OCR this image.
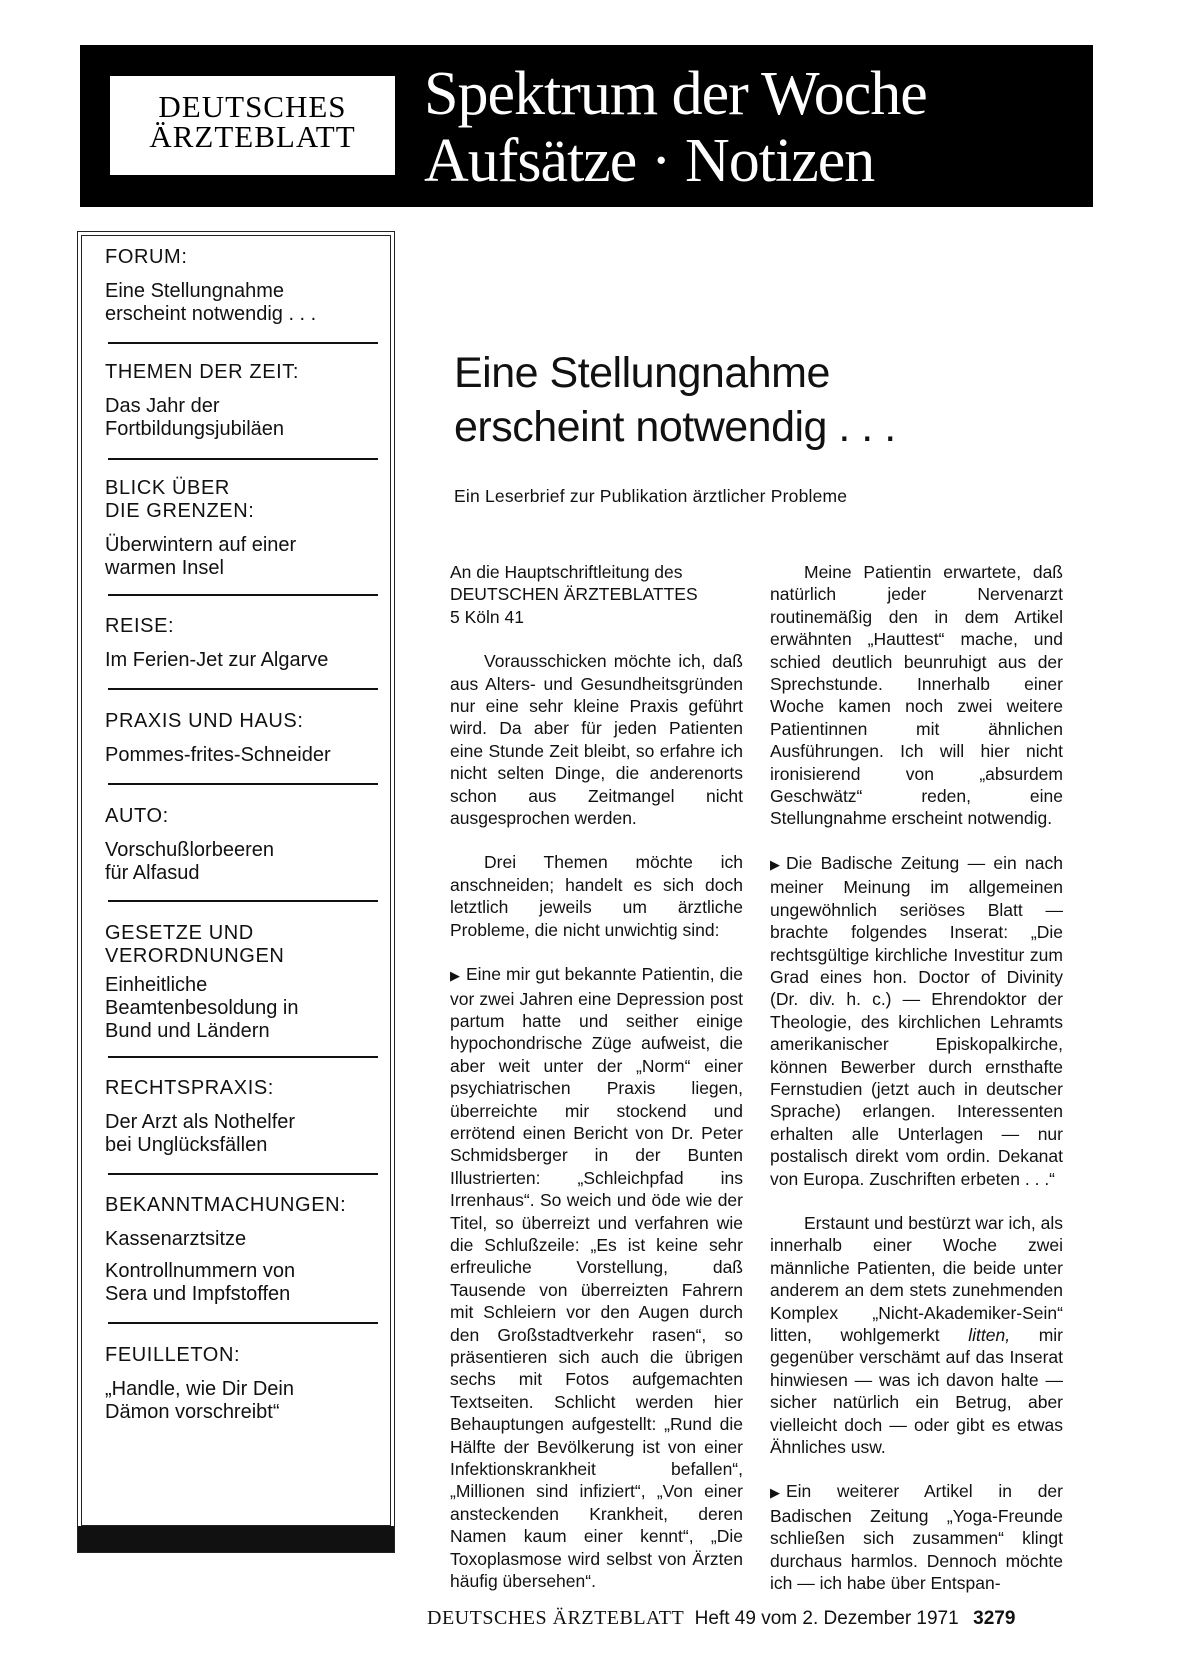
DEUTSCHES
ÄRZTEBLATT
Spektrum der Woche
Aufsätze · Notizen
FORUM:
Eine Stellungnahme erscheint notwendig . . .
THEMEN DER ZEIT:
Das Jahr der Fortbildungsjubiläen
BLICK ÜBER DIE GRENZEN:
Überwintern auf einer warmen Insel
REISE:
Im Ferien-Jet zur Algarve
PRAXIS UND HAUS:
Pommes-frites-Schneider
AUTO:
Vorschußlorbeeren für Alfasud
GESETZE UND VERORDNUNGEN
Einheitliche Beamtenbesoldung in Bund und Ländern
RECHTSPRAXIS:
Der Arzt als Nothelfer bei Unglücksfällen
BEKANNTMACHUNGEN:
Kassenarztsitze
Kontrollnummern von Sera und Impfstoffen
FEUILLETON:
„Handle, wie Dir Dein Dämon vorschreibt“
Eine Stellungnahme
erscheint notwendig . . .
Ein Leserbrief zur Publikation ärztlicher Probleme
An die Hauptschriftleitung des
DEUTSCHEN ÄRZTEBLATTES
5 Köln 41

Vorausschicken möchte ich, daß aus Alters- und Gesundheitsgründen nur eine sehr kleine Praxis geführt wird. Da aber für jeden Patienten eine Stunde Zeit bleibt, so erfahre ich nicht selten Dinge, die anderenorts schon aus Zeitmangel nicht ausgesprochen werden.

Drei Themen möchte ich anschneiden; handelt es sich doch letztlich jeweils um ärztliche Probleme, die nicht unwichtig sind:

▶ Eine mir gut bekannte Patientin, die vor zwei Jahren eine Depression post partum hatte und seither einige hypochondrische Züge aufweist, die aber weit unter der „Norm“ einer psychiatrischen Praxis liegen, überreichte mir stockend und errötend einen Bericht von Dr. Peter Schmidsberger in der Bunten Illustrierten: „Schleichpfad ins Irrenhaus“. So weich und öde wie der Titel, so überreizt und verfahren wie die Schlußzeile: „Es ist keine sehr erfreuliche Vorstellung, daß Tausende von überreizten Fahrern mit Schleiern vor den Augen durch den Großstadtverkehr rasen“, so präsentieren sich auch die übrigen sechs mit Fotos aufgemachten Textseiten. Schlicht werden hier Behauptungen aufgestellt: „Rund die Hälfte der Bevölkerung ist von einer Infektionskrankheit befallen“, „Millionen sind infiziert“, „Von einer ansteckenden Krankheit, deren Namen kaum einer kennt“, „Die Toxoplasmose wird selbst von Ärzten häufig übersehen“.

Meine Patientin erwartete, daß natürlich jeder Nervenarzt routinemäßig den in dem Artikel erwähnten „Hauttest“ mache, und schied deutlich beunruhigt aus der Sprechstunde. Innerhalb einer Woche kamen noch zwei weitere Patientinnen mit ähnlichen Ausführungen. Ich will hier nicht ironisierend von „absurdem Geschwätz“ reden, eine Stellungnahme erscheint notwendig.

▶ Die Badische Zeitung — ein nach meiner Meinung im allgemeinen ungewöhnlich seriöses Blatt — brachte folgendes Inserat: „Die rechtsgültige kirchliche Investitur zum Grad eines hon. Doctor of Divinity (Dr. div. h. c.) — Ehrendoktor der Theologie, des kirchlichen Lehramts amerikanischer Episkopalkirche, können Bewerber durch ernsthafte Fernstudien (jetzt auch in deutscher Sprache) erlangen. Interessenten erhalten alle Unterlagen — nur postalisch direkt vom ordin. Dekanat von Europa. Zuschriften erbeten . . .“

Erstaunt und bestürzt war ich, als innerhalb einer Woche zwei männliche Patienten, die beide unter anderem an dem stets zunehmenden Komplex „Nicht-Akademiker-Sein“ litten, wohlgemerkt litten, mir gegenüber verschämt auf das Inserat hinwiesen — was ich davon halte — sicher natürlich ein Betrug, aber vielleicht doch — oder gibt es etwas Ähnliches usw.

▶ Ein weiterer Artikel in der Badischen Zeitung „Yoga-Freunde schließen sich zusammen“ klingt durchaus harmlos. Dennoch möchte ich — ich habe über Entspan-

DEUTSCHES ÄRZTEBLATT Heft 49 vom 2. Dezember 1971 3279
